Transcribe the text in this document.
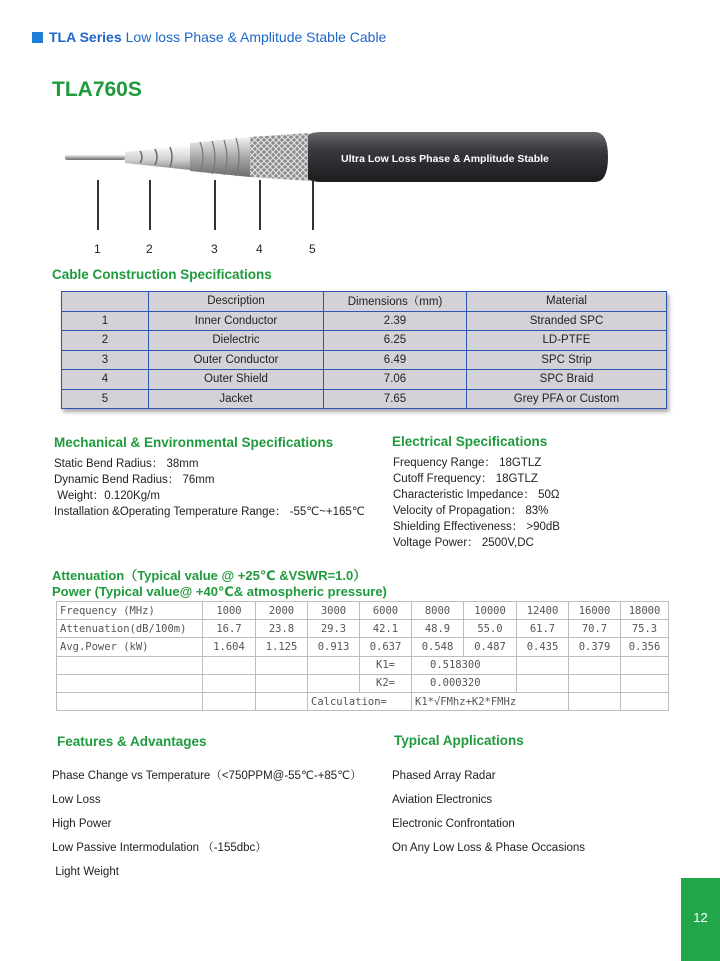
TLA Series Low loss Phase & Amplitude Stable Cable
TLA760S
Ultra Low Loss Phase & Amplitude Stable
1	2	3	4	5
Cable Construction Specifications
	Description	Dimensions（mm)	Material
1	Inner Conductor	2.39	Stranded SPC
2	Dielectric	6.25	LD-PTFE
3	Outer Conductor	6.49	SPC Strip
4	Outer Shield	7.06	SPC Braid
5	Jacket	7.65	Grey PFA or Custom
Mechanical & Environmental Specifications
Static Bend Radius： 38mm
Dynamic Bend Radius： 76mm
Weight：0.120Kg/m
Installation &Operating Temperature Range： -55℃~+165℃
Electrical Specifications
Frequency Range： 18GTLZ
Cutoff Frequency： 18GTLZ
Characteristic Impedance： 50Ω
Velocity of Propagation： 83%
Shielding Effectiveness： >90dB
Voltage Power： 2500V,DC
Attenuation（Typical value @ +25℃ &VSWR=1.0）
Power (Typical value@ +40℃& atmospheric pressure)
Frequency (MHz)	1000	2000	3000	6000	8000	10000	12400	16000	18000
Attenuation(dB/100m)	16.7	23.8	29.3	42.1	48.9	55.0	61.7	70.7	75.3
Avg.Power (kW)	1.604	1.125	0.913	0.637	0.548	0.487	0.435	0.379	0.356
				K1=	0.518300				
				K2=	0.000320				
			Calculation=		K1*√FMhz+K2*FMHz				
Features & Advantages
Phase Change vs Temperature（<750PPM@-55℃-+85℃）
Low Loss
High Power
Low Passive Intermodulation （-155dbc）
Light Weight
Typical Applications
Phased Array Radar
Aviation Electronics
Electronic Confrontation
On Any Low Loss & Phase Occasions
12
